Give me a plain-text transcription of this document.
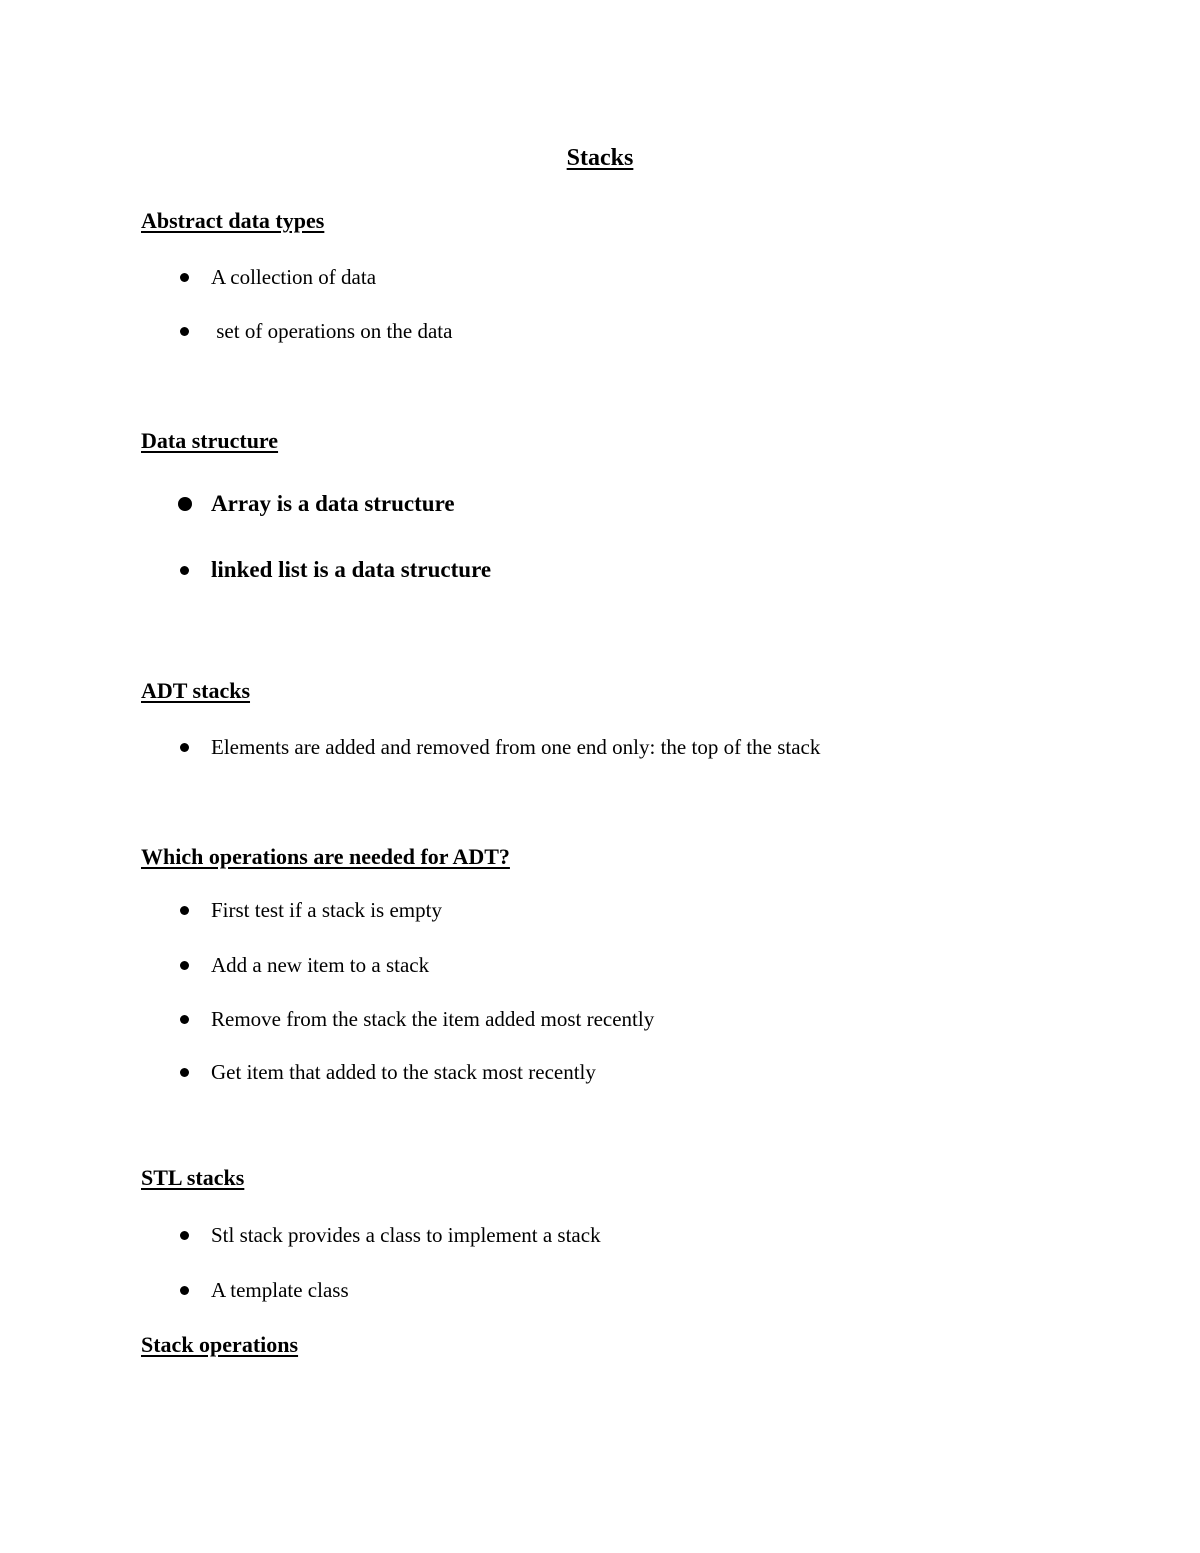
Stacks
Abstract data types
A collection of data
set of operations on the data
Data structure
Array is a data structure
linked list is a data structure
ADT stacks
Elements are added and removed from one end only: the top of the stack
Which operations are needed for ADT?
First test if a stack is empty
Add a new item to a stack
Remove from the stack the item added most recently
Get item that added to the stack most recently
STL stacks
Stl stack provides a class to implement a stack
A template class
Stack operations
